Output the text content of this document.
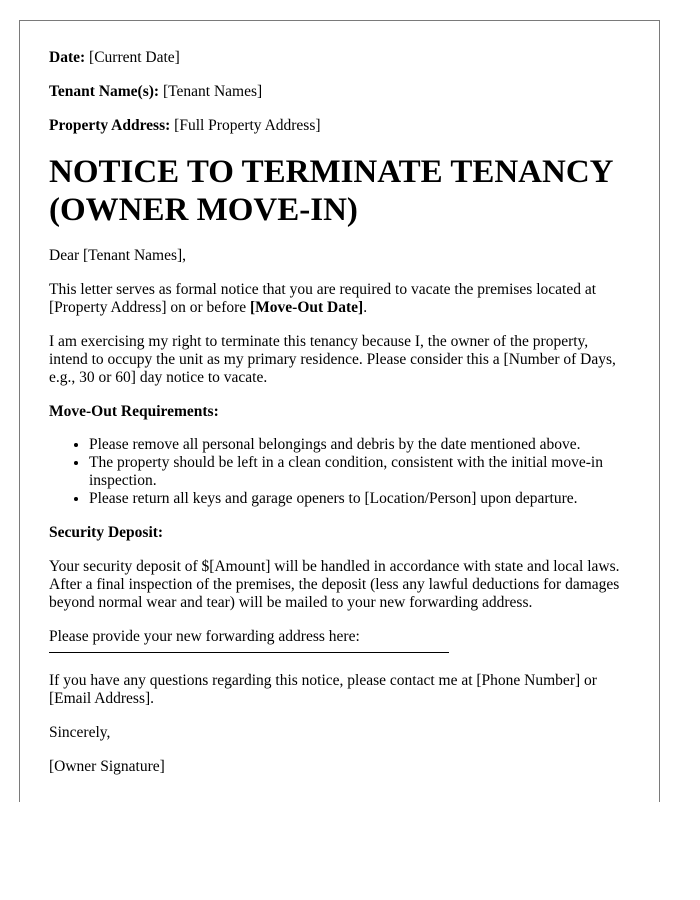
Date: [Current Date]

Tenant Name(s): [Tenant Names]

Property Address: [Full Property Address]

NOTICE TO TERMINATE TENANCY (OWNER MOVE-IN)

Dear [Tenant Names],

This letter serves as formal notice that you are required to vacate the premises located at [Property Address] on or before [Move-Out Date].

I am exercising my right to terminate this tenancy because I, the owner of the property, intend to occupy the unit as my primary residence. Please consider this a [Number of Days, e.g., 30 or 60] day notice to vacate.

Move-Out Requirements:

• Please remove all personal belongings and debris by the date mentioned above.
• The property should be left in a clean condition, consistent with the initial move-in inspection.
• Please return all keys and garage openers to [Location/Person] upon departure.

Security Deposit:

Your security deposit of $[Amount] will be handled in accordance with state and local laws. After a final inspection of the premises, the deposit (less any lawful deductions for damages beyond normal wear and tear) will be mailed to your new forwarding address.

Please provide your new forwarding address here:

If you have any questions regarding this notice, please contact me at [Phone Number] or [Email Address].

Sincerely,

[Owner Signature]
